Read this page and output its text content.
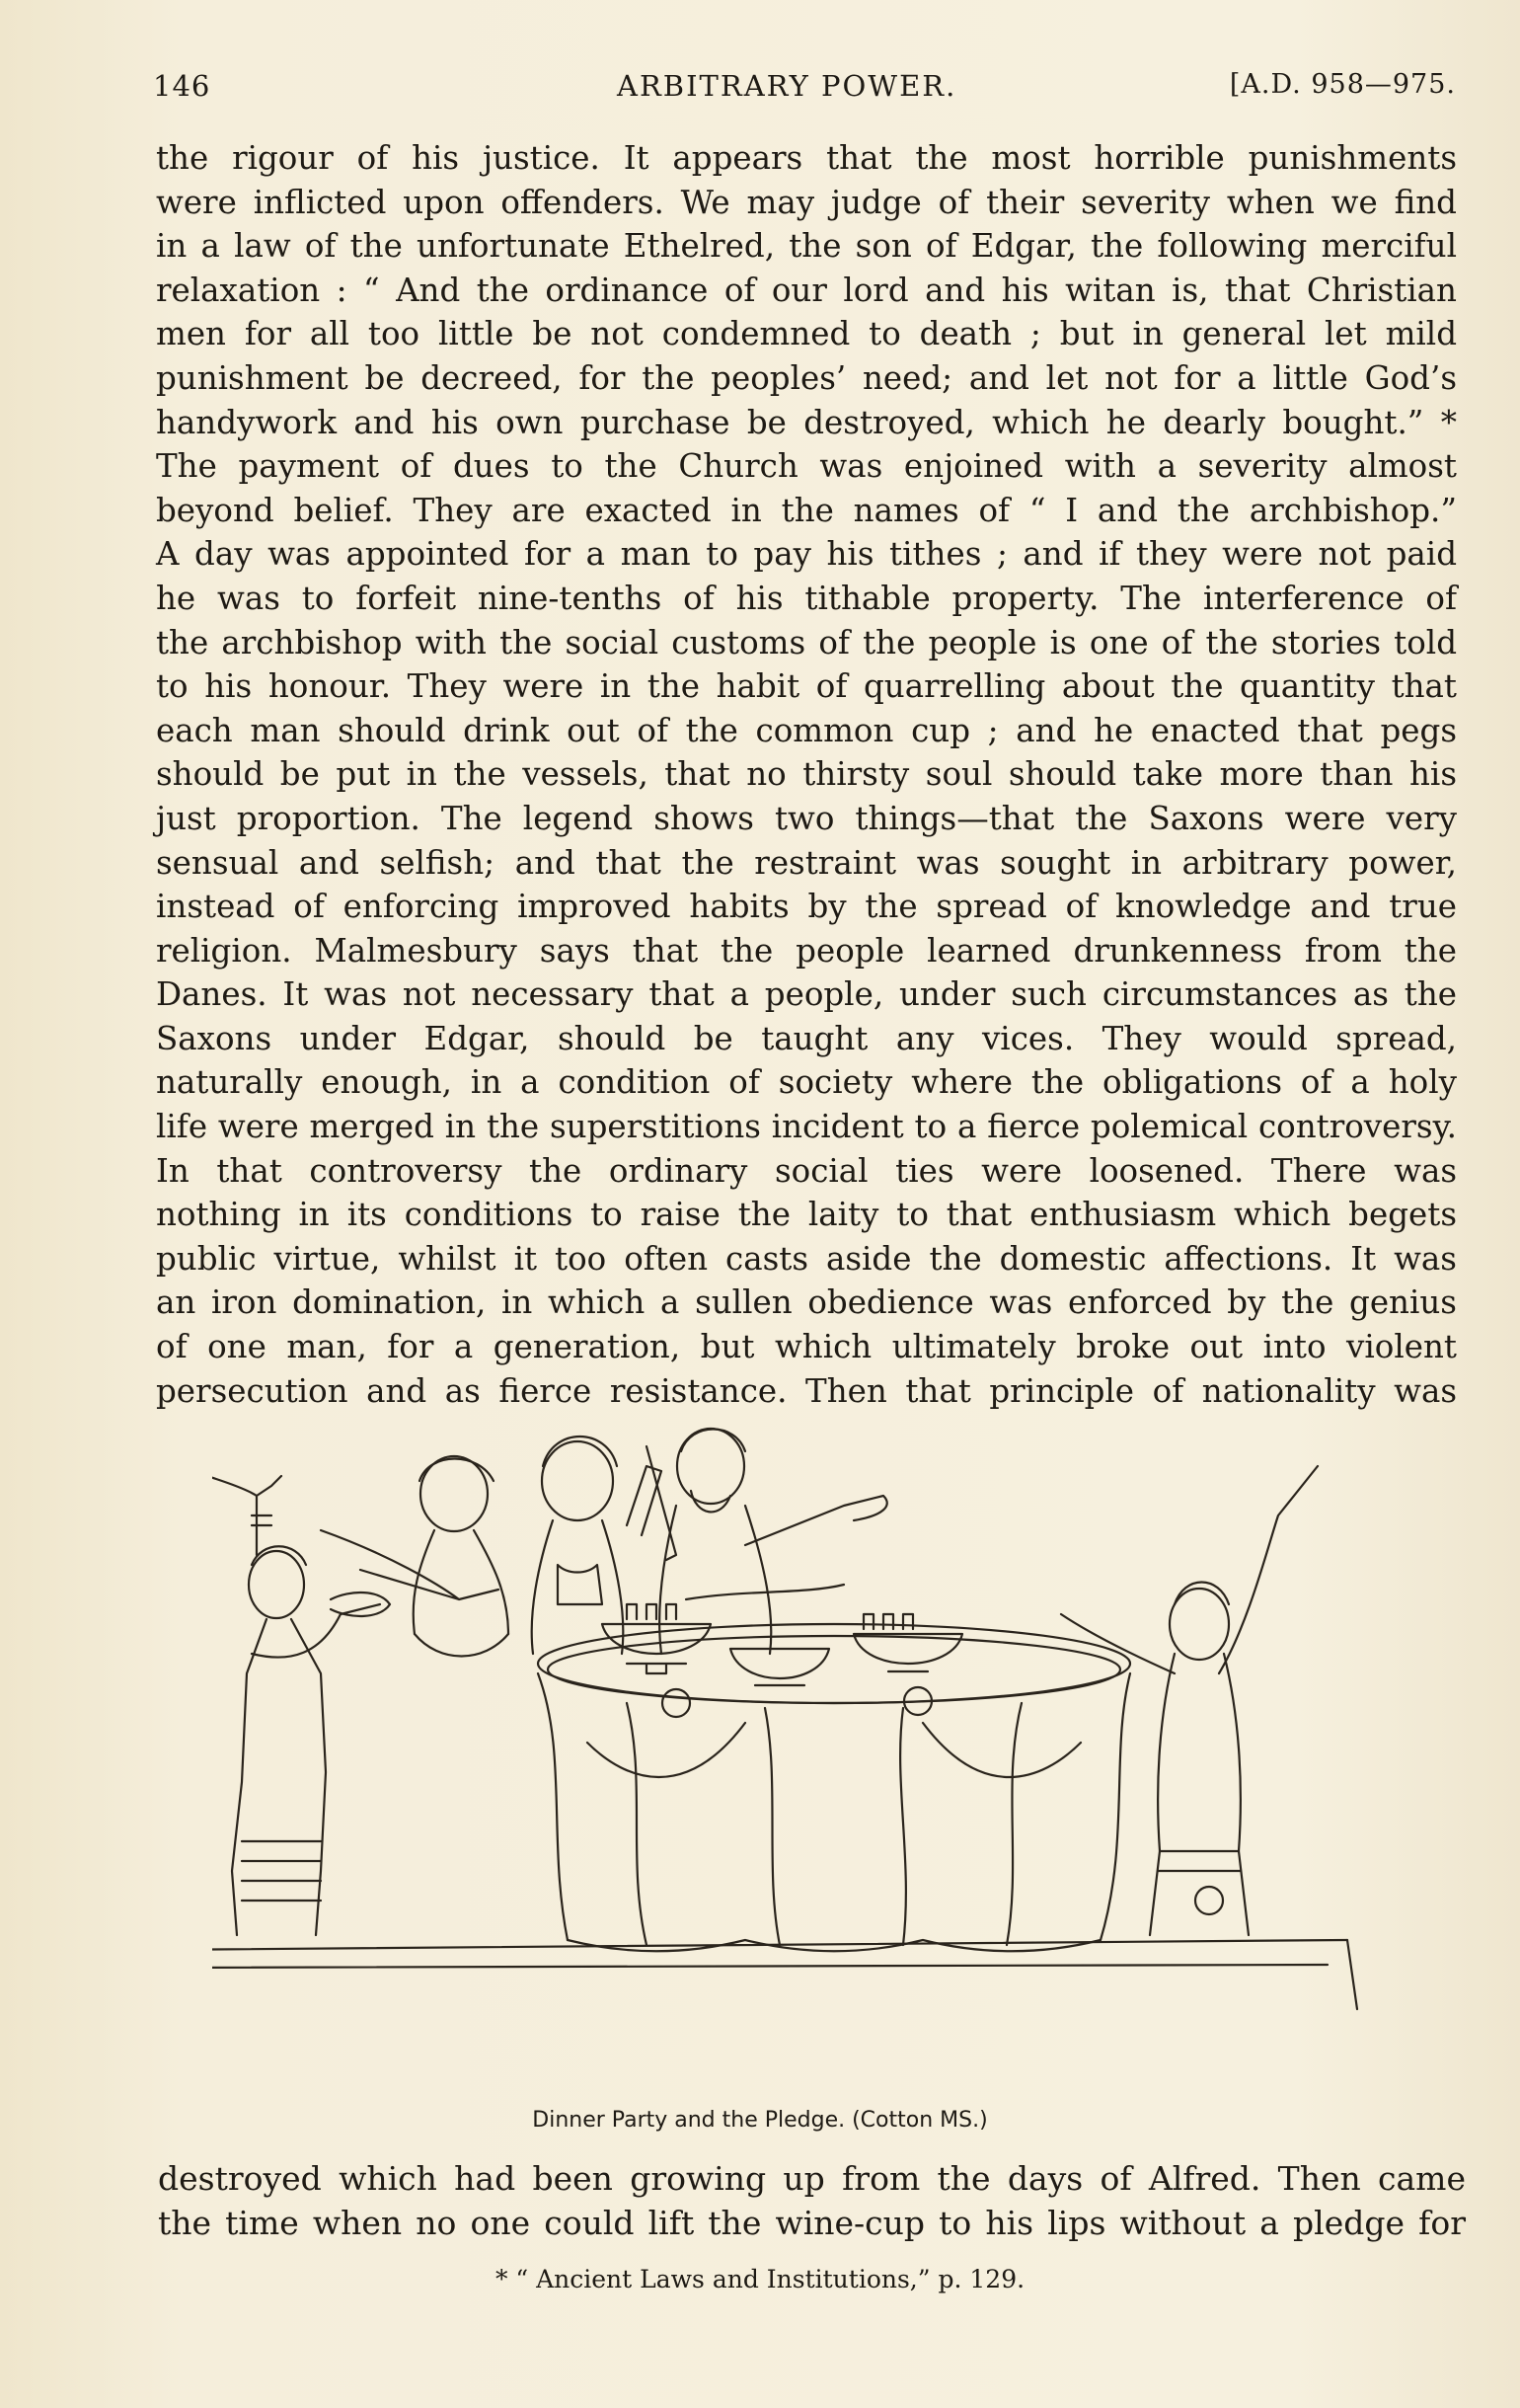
146	ARBITRARY POWER.	[A.D. 958—975.
the rigour of his justice. It appears that the most horrible punishments
were inflicted upon offenders. We may judge of their severity when we find
in a law of the unfortunate Ethelred, the son of Edgar, the following merciful
relaxation : “ And the ordinance of our lord and his witan is, that Christian
men for all too little be not condemned to death ; but in general let mild
punishment be decreed, for the peoples’ need; and let not for a little God’s
handywork and his own purchase be destroyed, which he dearly bought.” *
The payment of dues to the Church was enjoined with a severity almost
beyond belief. They are exacted in the names of “ I and the archbishop.”
A day was appointed for a man to pay his tithes ; and if they were not paid
he was to forfeit nine-tenths of his tithable property. The interference of
the archbishop with the social customs of the people is one of the stories told
to his honour. They were in the habit of quarrelling about the quantity that
each man should drink out of the common cup ; and he enacted that pegs
should be put in the vessels, that no thirsty soul should take more than his
just proportion. The legend shows two things—that the Saxons were very
sensual and selfish; and that the restraint was sought in arbitrary power,
instead of enforcing improved habits by the spread of knowledge and true
religion. Malmesbury says that the people learned drunkenness from the
Danes. It was not necessary that a people, under such circumstances as the
Saxons under Edgar, should be taught any vices. They would spread,
naturally enough, in a condition of society where the obligations of a holy
life were merged in the superstitions incident to a fierce polemical controversy.
In that controversy the ordinary social ties were loosened. There was
nothing in its conditions to raise the laity to that enthusiasm which begets
public virtue, whilst it too often casts aside the domestic affections. It was
an iron domination, in which a sullen obedience was enforced by the genius
of one man, for a generation, but which ultimately broke out into violent
persecution and as fierce resistance. Then that principle of nationality was
Dinner Party and the Pledge. (Cotton MS.)
destroyed which had been growing up from the days of Alfred. Then came
the time when no one could lift the wine-cup to his lips without a pledge for
* “ Ancient Laws and Institutions,” p. 129.
